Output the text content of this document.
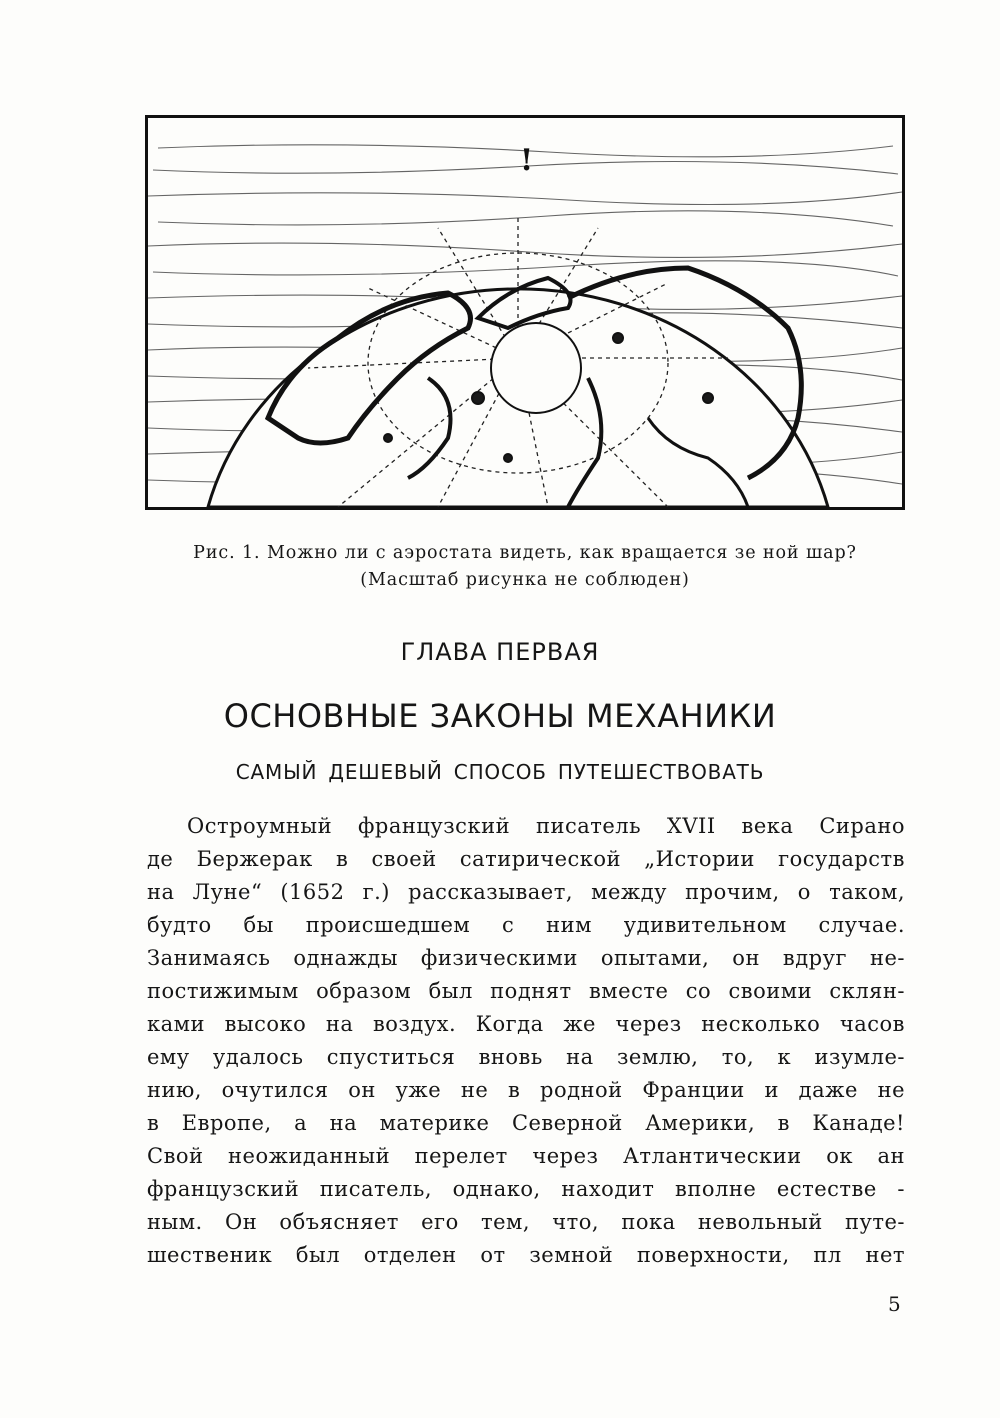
!
Рис. 1. Можно ли с аэростата видеть, как вращается зе ной шар?
(Масштаб рисунка не соблюден)
ГЛАВА ПЕРВАЯ
ОСНОВНЫЕ ЗАКОНЫ МЕХАНИКИ
САМЫЙ ДЕШЕВЫЙ СПОСОБ ПУТЕШЕСТВОВАТЬ
Остроумный французский писатель XVII века Сирано
де Бержерак в своей сатирической „Истории государств
на Луне“ (1652 г.) рассказывает, между прочим, о таком,
будто бы происшедшем с ним удивительном случае.
Занимаясь однажды физическими опытами, он вдруг не-
постижимым образом был поднят вместе со своими склян-
ками высоко на воздух. Когда же через несколько часов
ему удалось спуститься вновь на землю, то, к изумле-
нию, очутился он уже не в родной Франции и даже не
в Европе, а на материке Северной Америки, в Канаде!
Свой неожиданный перелет через Атлантическии ок ан
французский писатель, однако, находит вполне естестве -
ным. Он объясняет его тем, что, пока невольный путе-
шественик был отделен от земной поверхности, пл нет
5
